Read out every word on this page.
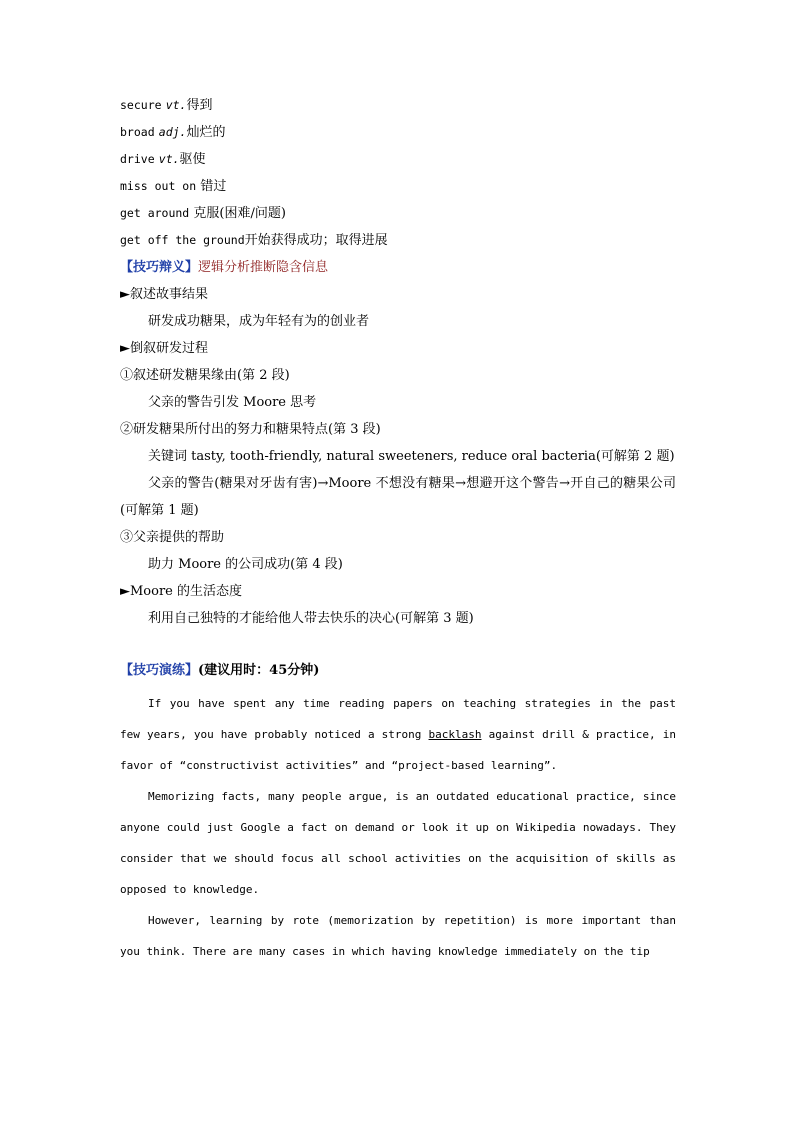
secure vt.得到
broad adj.灿烂的
drive vt.驱使
miss out on 错过
get around 克服(困难/问题)
get off the ground开始获得成功；取得进展
【技巧辩义】逻辑分析推断隐含信息
►叙述故事结果
研发成功糖果，成为年轻有为的创业者
►倒叙研发过程
①叙述研发糖果缘由(第 2 段)
父亲的警告引发 Moore 思考
②研发糖果所付出的努力和糖果特点(第 3 段)

关键词 tasty, tooth-friendly, natural sweeteners, reduce oral bacteria(可解第 2 题)

父亲的警告(糖果对牙齿有害)→Moore 不想没有糖果→想避开这个警告→开自己的糖果公司(可解第 1 题)

③父亲提供的帮助
助力 Moore 的公司成功(第 4 段)
►Moore 的生活态度
利用自己独特的才能给他人带去快乐的决心(可解第 3 题)
【技巧演练】(建议用时：45分钟)

If you have spent any time reading papers on teaching strategies in the past few years, you have probably noticed a strong backlash against drill & practice, in favor of “constructivist activities” and “project-based learning”.

Memorizing facts, many people argue, is an outdated educational practice, since anyone could just Google a fact on demand or look it up on Wikipedia nowadays. They consider that we should focus all school activities on the acquisition of skills as opposed to knowledge.

However, learning by rote (memorization by repetition) is more important than you think. There are many cases in which having knowledge immediately on the tip
